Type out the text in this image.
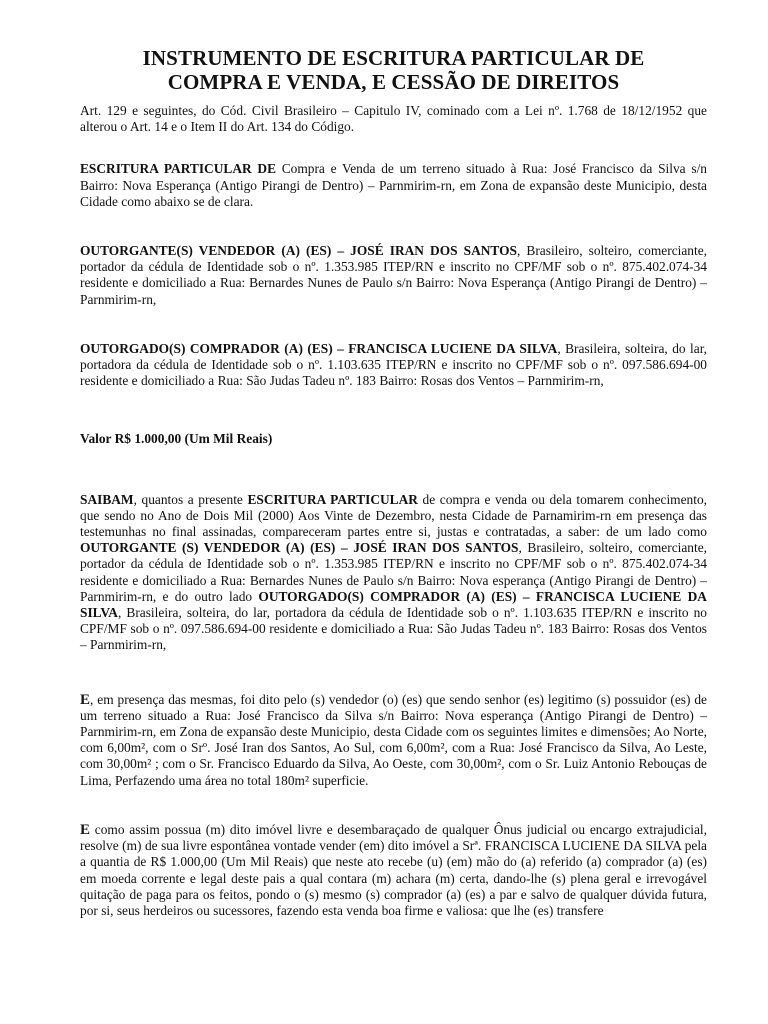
INSTRUMENTO DE ESCRITURA PARTICULAR DE
COMPRA E VENDA, E CESSÃO DE DIREITOS

Art. 129 e seguintes, do Cód. Civil Brasileiro – Capitulo IV, cominado com a Lei nº. 1.768 de 18/12/1952 que alterou o Art. 14 e o Item II do Art. 134 do Código.

ESCRITURA PARTICULAR DE Compra e Venda de um terreno situado à Rua: José Francisco da Silva s/n Bairro: Nova Esperança (Antigo Pirangi de Dentro) – Parnmirim-rn, em Zona de expansão deste Municipio, desta Cidade como abaixo se de clara.

OUTORGANTE(S) VENDEDOR (A) (ES) – JOSÉ IRAN DOS SANTOS, Brasileiro, solteiro, comerciante, portador da cédula de Identidade sob o nº. 1.353.985 ITEP/RN e inscrito no CPF/MF sob o nº. 875.402.074-34 residente e domiciliado a Rua: Bernardes Nunes de Paulo s/n Bairro: Nova Esperança (Antigo Pirangi de Dentro) – Parnmirim-rn,

OUTORGADO(S) COMPRADOR (A) (ES) – FRANCISCA LUCIENE DA SILVA, Brasileira, solteira, do lar, portadora da cédula de Identidade sob o nº. 1.103.635 ITEP/RN e inscrito no CPF/MF sob o nº. 097.586.694-00 residente e domiciliado a Rua: São Judas Tadeu nº. 183 Bairro: Rosas dos Ventos – Parnmirim-rn,

Valor R$ 1.000,00 (Um Mil Reais)

SAIBAM, quantos a presente ESCRITURA PARTICULAR de compra e venda ou dela tomarem conhecimento, que sendo no Ano de Dois Mil (2000) Aos Vinte de Dezembro, nesta Cidade de Parnamirim-rn em presença das testemunhas no final assinadas, compareceram partes entre si, justas e contratadas, a saber: de um lado como OUTORGANTE (S) VENDEDOR (A) (ES) – JOSÉ IRAN DOS SANTOS, Brasileiro, solteiro, comerciante, portador da cédula de Identidade sob o nº. 1.353.985 ITEP/RN e inscrito no CPF/MF sob o nº. 875.402.074-34 residente e domiciliado a Rua: Bernardes Nunes de Paulo s/n Bairro: Nova esperança (Antigo Pirangi de Dentro) – Parnmirim-rn, e do outro lado OUTORGADO(S) COMPRADOR (A) (ES) – FRANCISCA LUCIENE DA SILVA, Brasileira, solteira, do lar, portadora da cédula de Identidade sob o nº. 1.103.635 ITEP/RN e inscrito no CPF/MF sob o nº. 097.586.694-00 residente e domiciliado a Rua: São Judas Tadeu nº. 183 Bairro: Rosas dos Ventos – Parnmirim-rn,

E, em presença das mesmas, foi dito pelo (s) vendedor (o) (es) que sendo senhor (es) legitimo (s) possuidor (es) de um terreno situado a Rua: José Francisco da Silva s/n Bairro: Nova esperança (Antigo Pirangi de Dentro) – Parnmirim-rn, em Zona de expansão deste Municipio, desta Cidade com os seguintes limites e dimensões; Ao Norte, com 6,00m², com o Srº. José Iran dos Santos, Ao Sul, com 6,00m², com a Rua: José Francisco da Silva, Ao Leste, com 30,00m² ; com o Sr. Francisco Eduardo da Silva, Ao Oeste, com 30,00m², com o Sr. Luiz Antonio Rebouças de Lima, Perfazendo uma área no total 180m² superficie.

E como assim possua (m) dito imóvel livre e desembaraçado de qualquer Ônus judicial ou encargo extrajudicial, resolve (m) de sua livre espontânea vontade vender (em) dito imóvel a Srª. FRANCISCA LUCIENE DA SILVA pela a quantia de R$ 1.000,00 (Um Mil Reais) que neste ato recebe (u) (em) mão do (a) referido (a) comprador (a) (es) em moeda corrente e legal deste pais a qual contara (m) achara (m) certa, dando-lhe (s) plena geral e irrevogável quitação de paga para os feitos, pondo o (s) mesmo (s) comprador (a) (es) a par e salvo de qualquer dúvida futura, por si, seus herdeiros ou sucessores, fazendo esta venda boa firme e valiosa: que lhe (es) transfere
